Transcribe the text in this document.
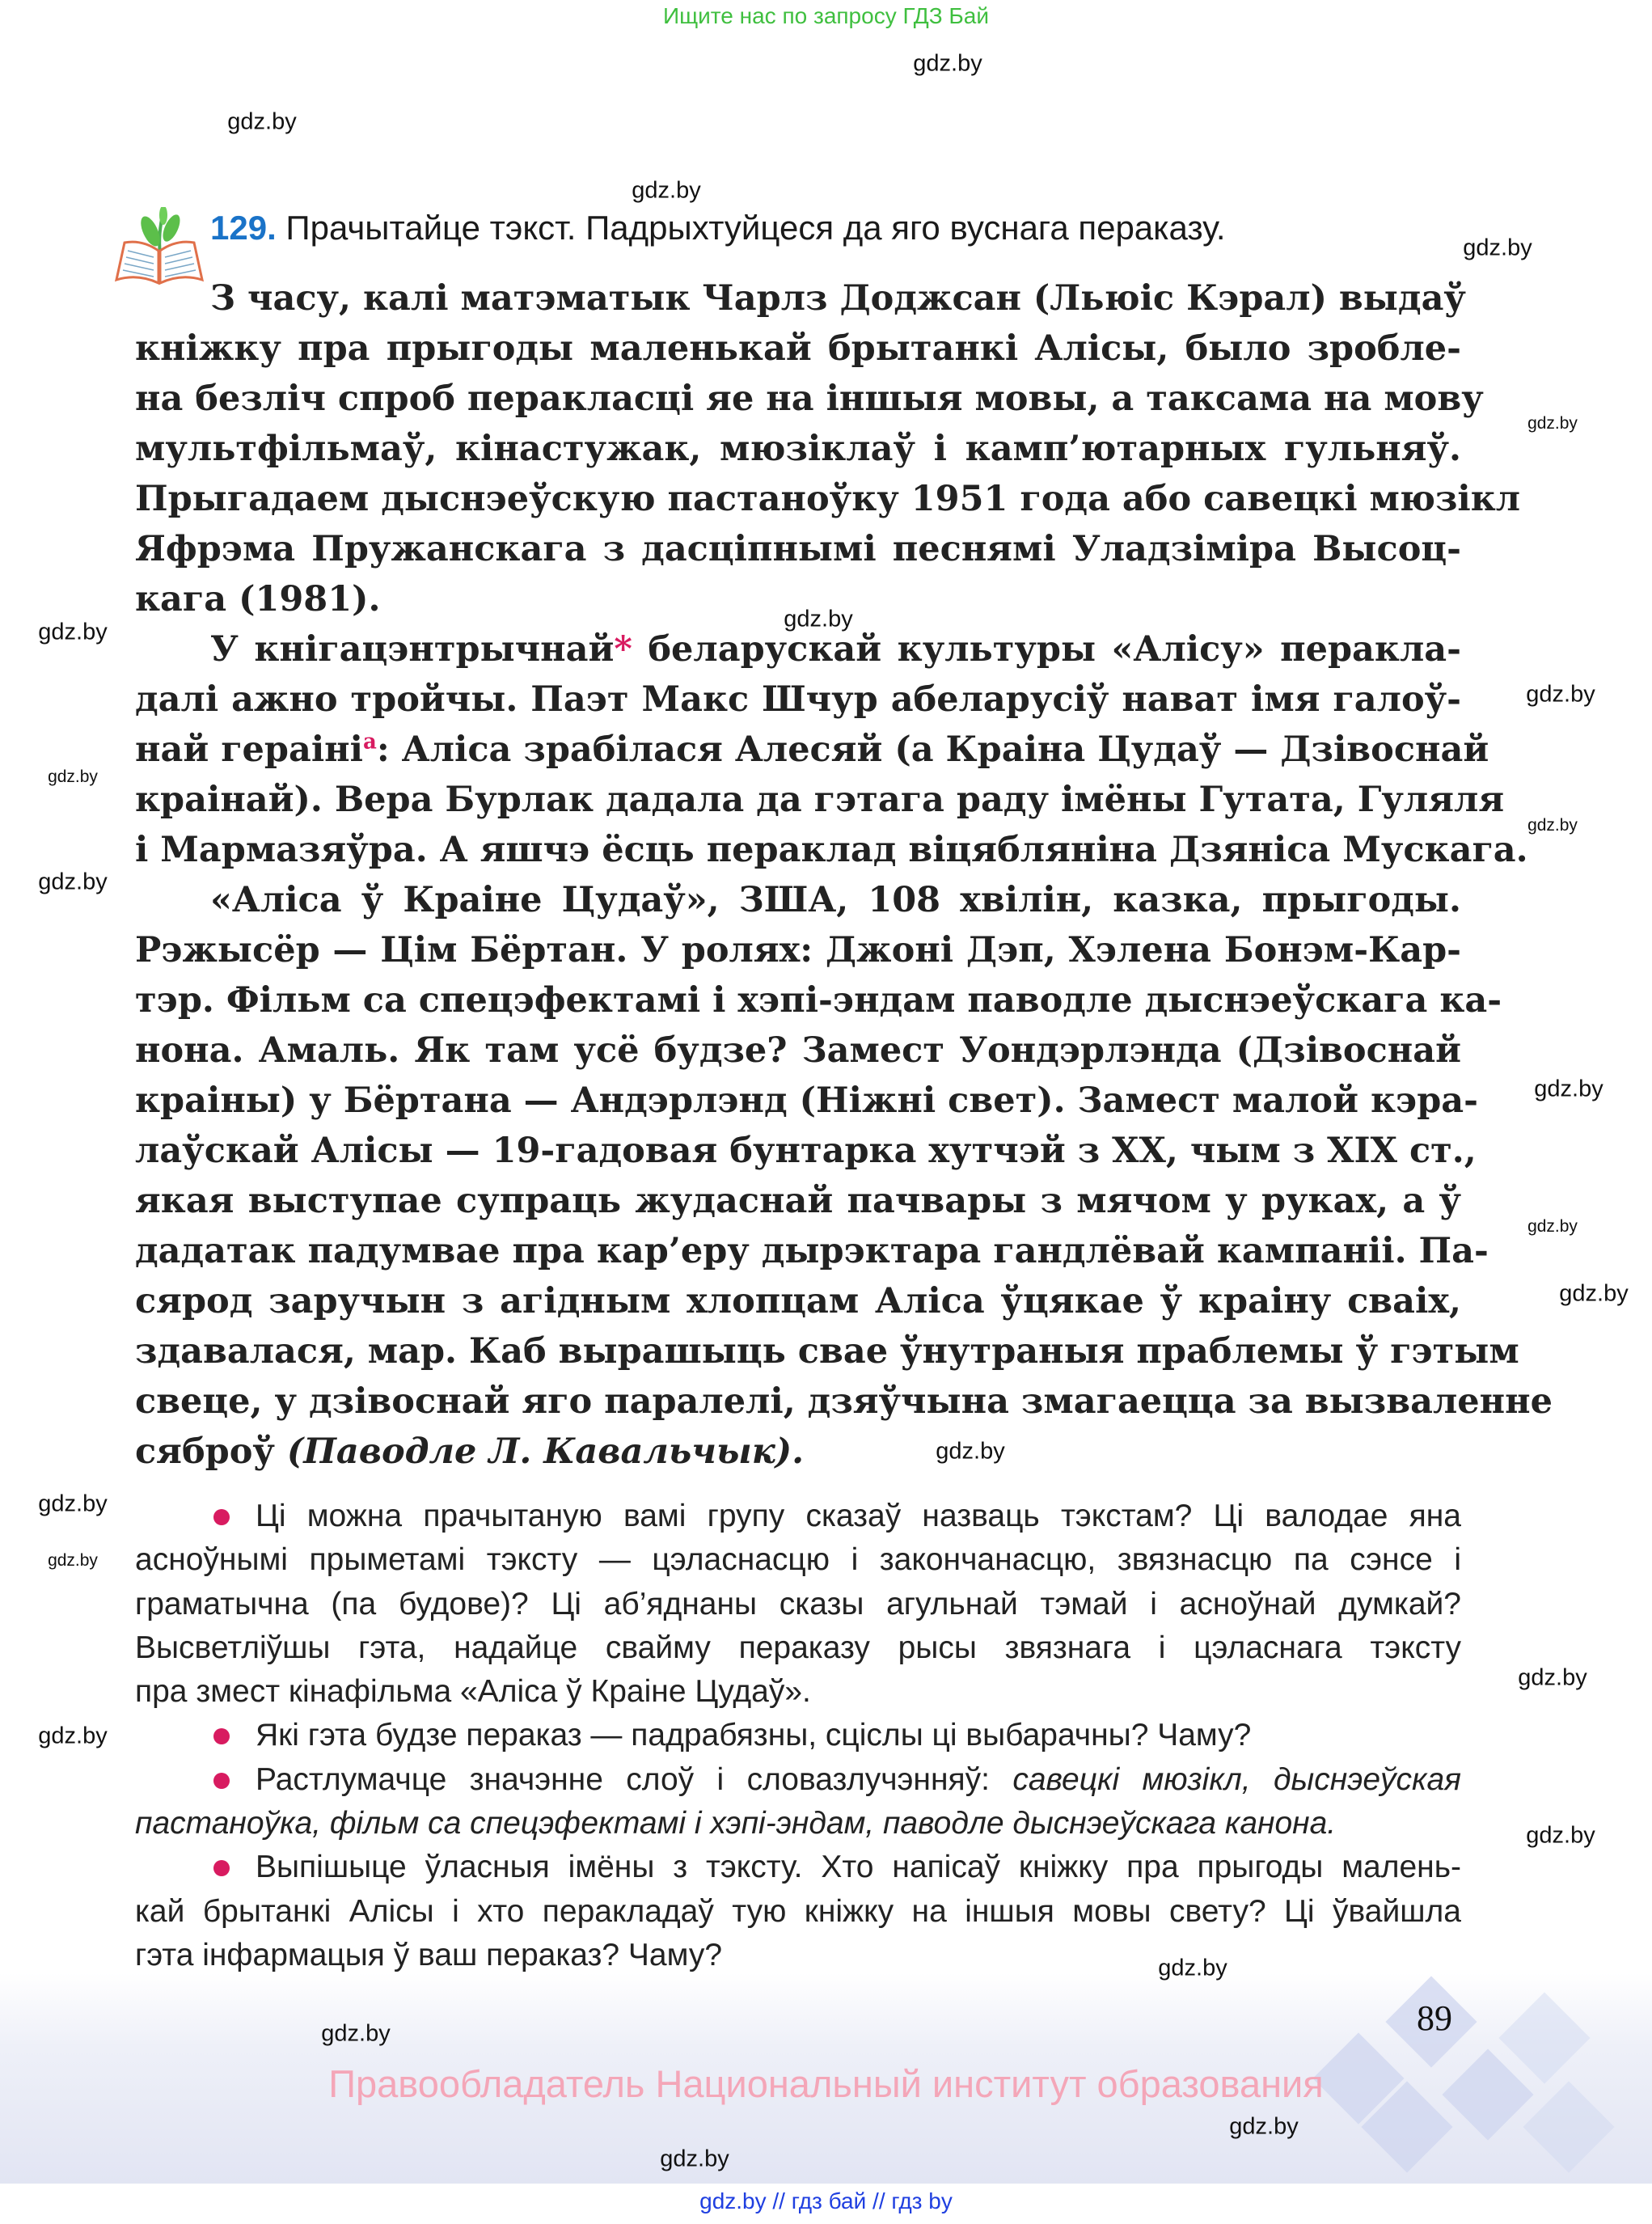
Ищите нас по запросу ГДЗ Бай
gdz.by
gdz.by
gdz.by
gdz.by
gdz.by
gdz.by
gdz.by
gdz.by
gdz.by
gdz.by
gdz.by
gdz.by
gdz.by
gdz.by
gdz.by
gdz.by
gdz.by
gdz.by
gdz.by
gdz.by
129. Прачытайце тэкст. Падрыхтуйцеся да яго вуснага пераказу.
З часу, калі матэматык Чарлз Доджсан (Льюіс Кэрал) выдаў
кніжку пра прыгоды маленькай брытанкі Алісы, было зробле-
на безліч спроб перакласці яе на іншыя мовы, а таксама на мову
мультфільмаў, кінастужак, мюзіклаў і камп’ютарных гульняў.
Прыгадаем дыснэеўскую пастаноўку 1951 года або савецкі мюзікл
Яфрэма Пружанскага з дасціпнымі песнямі Уладзіміра Высоц-
кага (1981).
У кнігацэнтрычнай* беларускай культуры «Алісу» перакла-
далі ажно тройчы. Паэт Макс Шчур абеларусіў нават імя галоў-
най гераіні$^а$: Аліса зрабілася Алесяй (а Краіна Цудаў — Дзівоснай
краінай). Вера Бурлак дадала да гэтага раду імёны Гутата, Гуляля
і Мармазяўра. А яшчэ ёсць пераклад віцяблянiна Дзяніса Мускага.
«Аліса ў Краіне Цудаў», ЗША, 108 хвілін, казка, прыгоды.
Рэжысёр — Цім Бёртан. У ролях: Джоні Дэп, Хэлена Бонэм-Кар-
тэр. Фільм са спецэфектамі і хэпі-эндам паводле дыснэеўскага ка-
нона. Амаль. Як там усё будзе? Замест Уондэрлэнда (Дзівоснай
краіны) у Бёртана — Андэрлэнд (Ніжні свет). Замест малой кэра-
лаўскай Алісы — 19-гадовая бунтарка хутчэй з ХХ, чым з ХІХ ст.,
якая выступае супраць жудаснай пачвары з мячом у руках, а ў
дадатак падумвае пра кар’еру дырэктара гандлёвай кампаніі. Па-
сярод заручын з агідным хлопцам Аліса ўцякае ў краіну сваіх,
здавалася, мар. Каб вырашыць свае ўнутраныя праблемы ў гэтым
свеце, у дзівоснай яго паралелі, дзяўчына змагаецца за вызваленне
сяброў (Паводле Л. Кавальчык).
Ці можна прачытаную вамі групу сказаў назваць тэкстам? Ці валодае яна
асноўнымі прыметамі тэксту — цэласнасцю і закончанасцю, звязнасцю па сэнсе і
граматычна (па будове)? Ці аб’яднаны сказы агульнай тэмай і асноўнай думкай?
Высветліўшы гэта, надайце свайму пераказу рысы звязнага і цэласнага тэксту
пра змест кінафільма «Аліса ў Краіне Цудаў».
Які гэта будзе пераказ — падрабязны, сціслы ці выбарачны? Чаму?
Растлумачце значэнне слоў і словазлучэнняў: савецкі мюзікл, дыснэеўская
пастаноўка, фільм са спецэфектамі і хэпі-эндам, паводле дыснэеўскага канона.
Выпішыце ўласныя імёны з тэксту. Хто напісаў кніжку пра прыгоды малень-
кай брытанкі Алісы і хто перакладаў тую кніжку на іншыя мовы свету? Ці ўвайшла
гэта інфармацыя ў ваш пераказ? Чаму?	gdz.by
gdz.by
gdz.by
gdz.by
89
Правообладатель Национальный институт образования
gdz.by // гдз бай // гдз by
